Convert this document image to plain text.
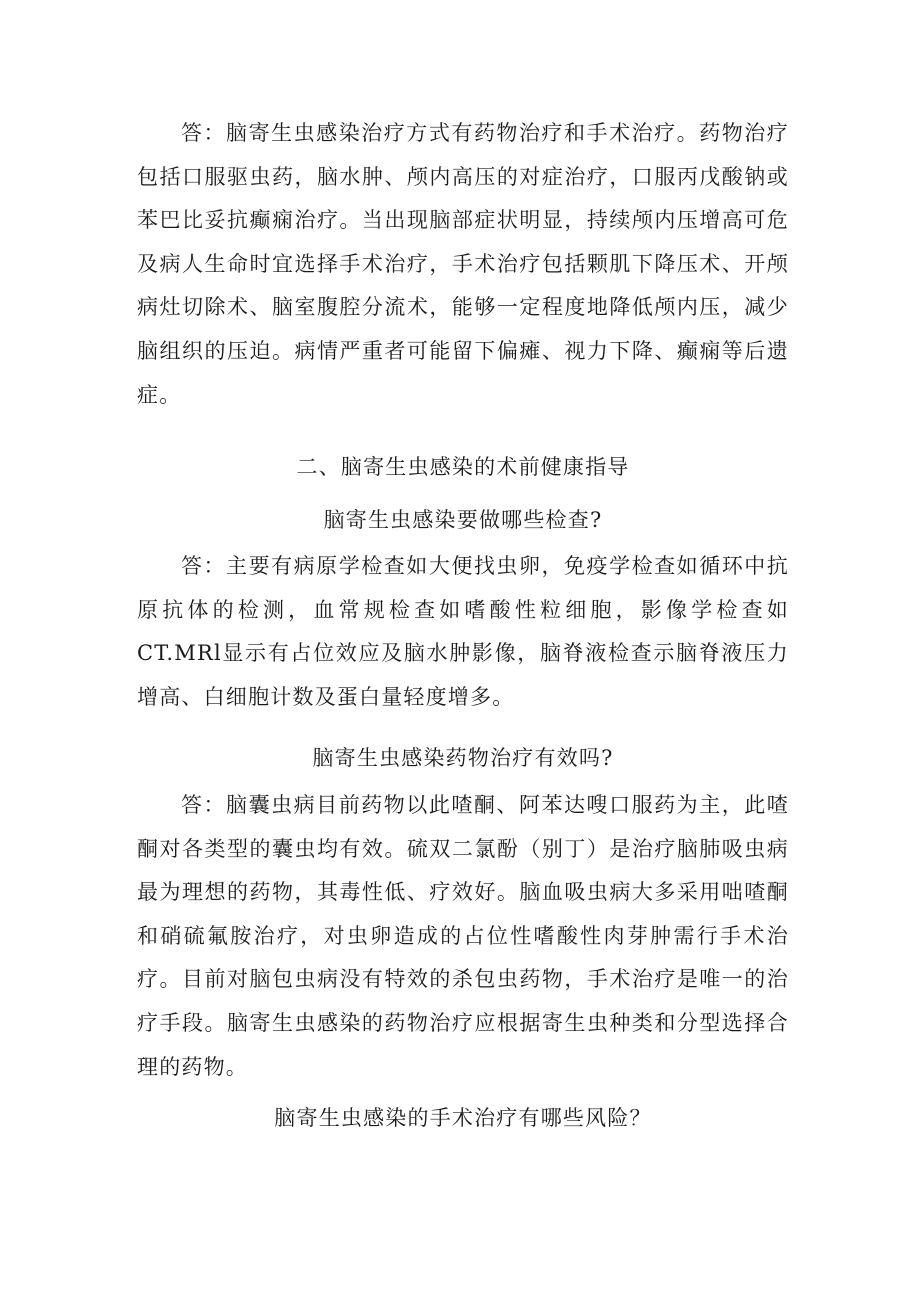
答：脑寄生虫感染治疗方式有药物治疗和手术治疗。药物治疗包括口服驱虫药，脑水肿、颅内高压的对症治疗，口服丙戊酸钠或苯巴比妥抗癫痫治疗。当出现脑部症状明显，持续颅内压增高可危及病人生命时宜选择手术治疗，手术治疗包括颗肌下降压术、开颅病灶切除术、脑室腹腔分流术，能够一定程度地降低颅内压，减少脑组织的压迫。病情严重者可能留下偏瘫、视力下降、癫痫等后遗症。

二、脑寄生虫感染的术前健康指导

脑寄生虫感染要做哪些检查?

答：主要有病原学检查如大便找虫卵，免疫学检查如循环中抗原抗体的检测，血常规检查如嗜酸性粒细胞，影像学检查如CT.MRl显示有占位效应及脑水肿影像，脑脊液检查示脑脊液压力增高、白细胞计数及蛋白量轻度增多。

脑寄生虫感染药物治疗有效吗?

答：脑囊虫病目前药物以此喳酮、阿苯达嗖口服药为主，此喳酮对各类型的囊虫均有效。硫双二氯酚（别丁）是治疗脑肺吸虫病最为理想的药物，其毒性低、疗效好。脑血吸虫病大多采用咄喳酮和硝硫氟胺治疗，对虫卵造成的占位性嗜酸性肉芽肿需行手术治疗。目前对脑包虫病没有特效的杀包虫药物，手术治疗是唯一的治疗手段。脑寄生虫感染的药物治疗应根据寄生虫种类和分型选择合理的药物。

脑寄生虫感染的手术治疗有哪些风险？
